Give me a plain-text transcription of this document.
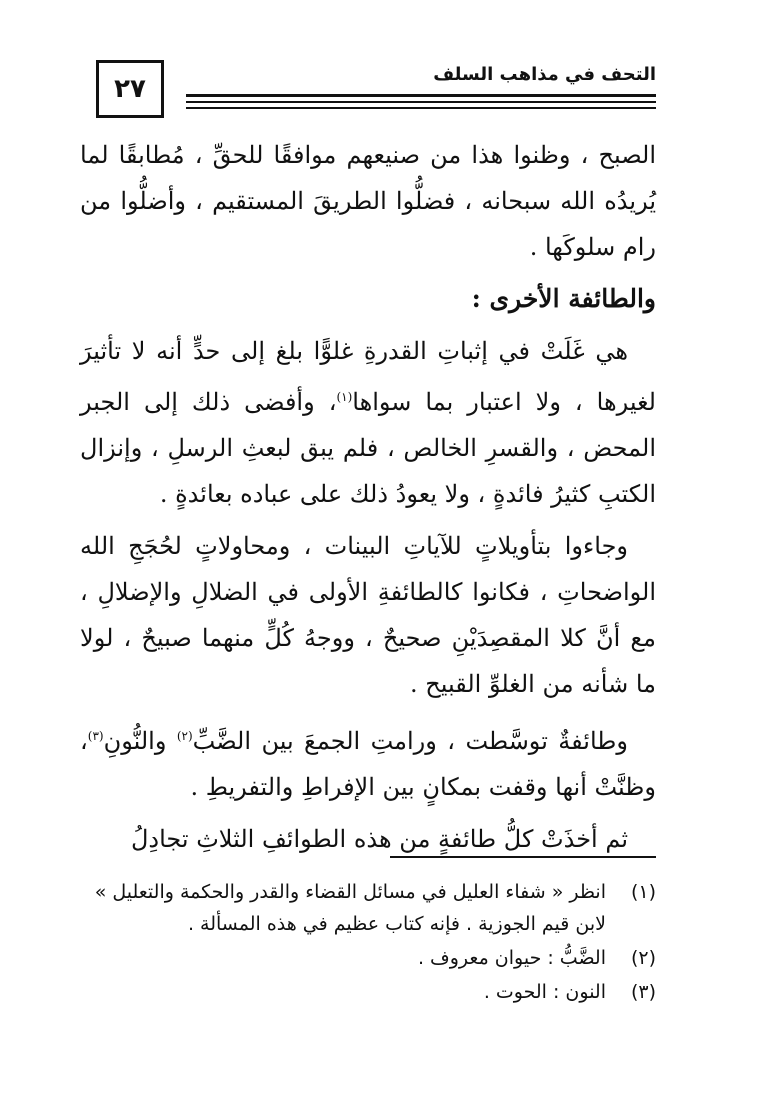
٢٧	التحف في مذاهب السلف

الصبح ، وظنوا هذا من صنيعهم موافقًا للحقِّ ، مُطابقًا لما يُريدُه الله سبحانه ، فضلُّوا الطريقَ المستقيم ، وأضلُّوا من رام سلوكَها .

والطائفة الأخرى :

هي غَلَتْ في إثباتِ القدرةِ غلوًّا بلغ إلى حدٍّ أنه لا تأثيرَ لغيرها ، ولا اعتبار بما سواها$^{(١)}$، وأفضى ذلك إلى الجبر المحض ، والقسرِ الخالص ، فلم يبق لبعثِ الرسلِ ، وإنزال الكتبِ كثيرُ فائدةٍ ، ولا يعودُ ذلك على عباده بعائدةٍ .

وجاءوا بتأويلاتٍ للآياتِ البينات ، ومحاولاتٍ لحُجَجِ الله الواضحاتِ ، فكانوا كالطائفةِ الأولى في الضلالِ والإضلالِ ، مع أنَّ كلا المقصِدَيْنِ صحيحٌ ، ووجهُ كُلٍّ منهما صبيحٌ ، لولا ما شأنه من الغلوِّ القبيح .

وطائفةٌ توسَّطت ، ورامتِ الجمعَ بين الضَّبِّ$^{(٢)}$ والنُّونِ$^{(٣)}$، وظنَّتْ أنها وقفت بمكانٍ بين الإفراطِ والتفريطِ .

ثم أخذَتْ كلُّ طائفةٍ من هذه الطوائفِ الثلاثِ تجادِلُ

(١)
انظر « شفاء العليل في مسائل القضاء والقدر والحكمة والتعليل » لابن قيم الجوزية . فإنه كتاب عظيم في هذه المسألة .
(٢)
الضَّبُّ : حيوان معروف .
(٣)
النون : الحوت .
